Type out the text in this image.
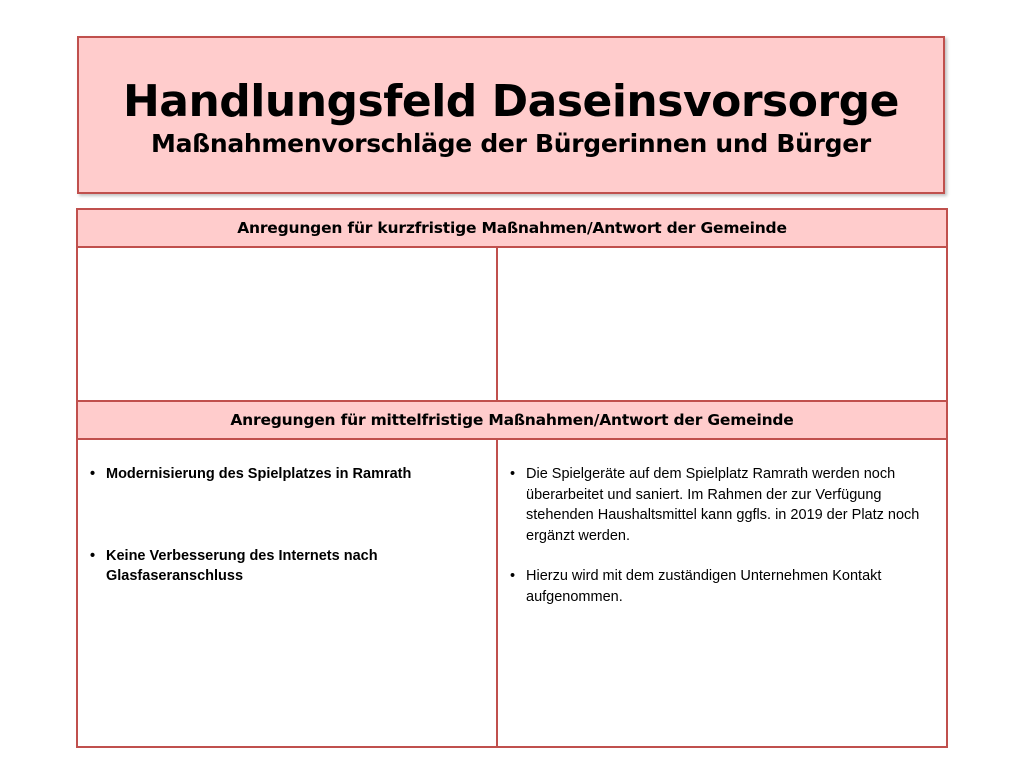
Handlungsfeld Daseinsvorsorge
Maßnahmenvorschläge der Bürgerinnen und Bürger
Anregungen für kurzfristige Maßnahmen/Antwort der Gemeinde
Anregungen für mittelfristige Maßnahmen/Antwort der Gemeinde
• Modernisierung des Spielplatzes in Ramrath
• Keine Verbesserung des Internets nach Glasfaseranschluss
• Die Spielgeräte auf dem Spielplatz Ramrath werden noch überarbeitet und saniert. Im Rahmen der zur Verfügung stehenden Haushaltsmittel kann ggfls. in 2019 der Platz noch ergänzt werden.
• Hierzu wird mit dem zuständigen Unternehmen Kontakt aufgenommen.
